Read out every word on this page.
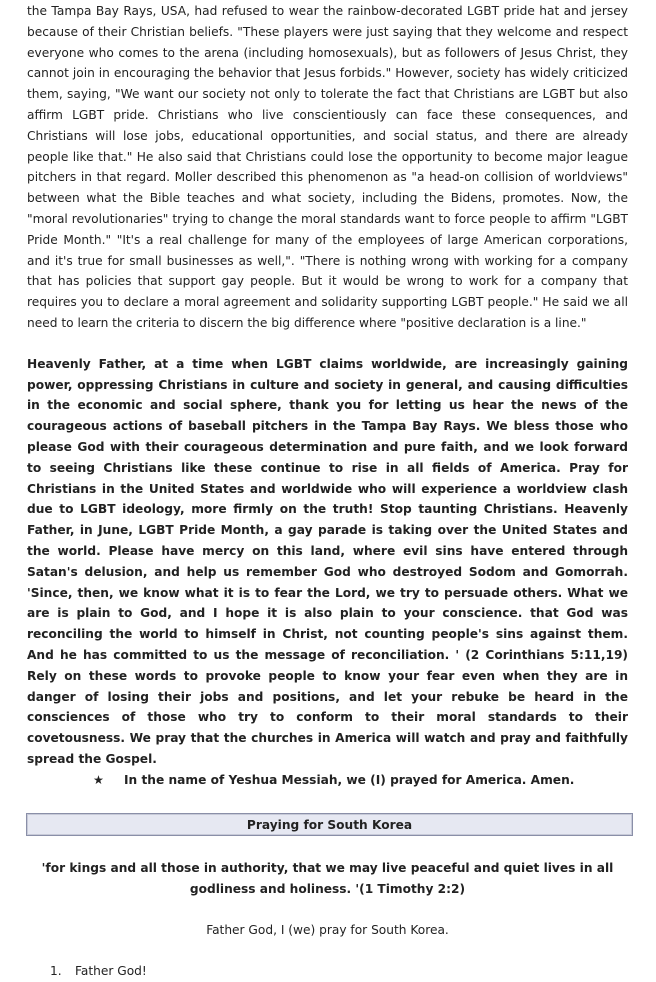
the Tampa Bay Rays, USA, had refused to wear the rainbow-decorated LGBT pride hat and jersey because of their Christian beliefs. "These players were just saying that they welcome and respect everyone who comes to the arena (including homosexuals), but as followers of Jesus Christ, they cannot join in encouraging the behavior that Jesus forbids." However, society has widely criticized them, saying, "We want our society not only to tolerate the fact that Christians are LGBT but also affirm LGBT pride. Christians who live conscientiously can face these consequences, and Christians will lose jobs, educational opportunities, and social status, and there are already people like that." He also said that Christians could lose the opportunity to become major league pitchers in that regard. Moller described this phenomenon as "a head-on collision of worldviews" between what the Bible teaches and what society, including the Bidens, promotes. Now, the "moral revolutionaries" trying to change the moral standards want to force people to affirm "LGBT Pride Month." "It's a real challenge for many of the employees of large American corporations, and it's true for small businesses as well,". "There is nothing wrong with working for a company that has policies that support gay people. But it would be wrong to work for a company that requires you to declare a moral agreement and solidarity supporting LGBT people." He said we all need to learn the criteria to discern the big difference where "positive declaration is a line."

Heavenly Father, at a time when LGBT claims worldwide, are increasingly gaining power, oppressing Christians in culture and society in general, and causing difficulties in the economic and social sphere, thank you for letting us hear the news of the courageous actions of baseball pitchers in the Tampa Bay Rays. We bless those who please God with their courageous determination and pure faith, and we look forward to seeing Christians like these continue to rise in all fields of America. Pray for Christians in the United States and worldwide who will experience a worldview clash due to LGBT ideology, more firmly on the truth! Stop taunting Christians. Heavenly Father, in June, LGBT Pride Month, a gay parade is taking over the United States and the world. Please have mercy on this land, where evil sins have entered through Satan's delusion, and help us remember God who destroyed Sodom and Gomorrah. 'Since, then, we know what it is to fear the Lord, we try to persuade others. What we are is plain to God, and I hope it is also plain to your conscience. that God was reconciling the world to himself in Christ, not counting people's sins against them. And he has committed to us the message of reconciliation. ' (2 Corinthians 5:11,19) Rely on these words to provoke people to know your fear even when they are in danger of losing their jobs and positions, and let your rebuke be heard in the consciences of those who try to conform to their moral standards to their covetousness. We pray that the churches in America will watch and pray and faithfully spread the Gospel.

★ In the name of Yeshua Messiah, we (I) prayed for America. Amen.

Praying for South Korea
'for kings and all those in authority, that we may live peaceful and quiet lives in all godliness and holiness. '(1 Timothy 2:2)
Father God, I (we) pray for South Korea.
1.	Father God!
